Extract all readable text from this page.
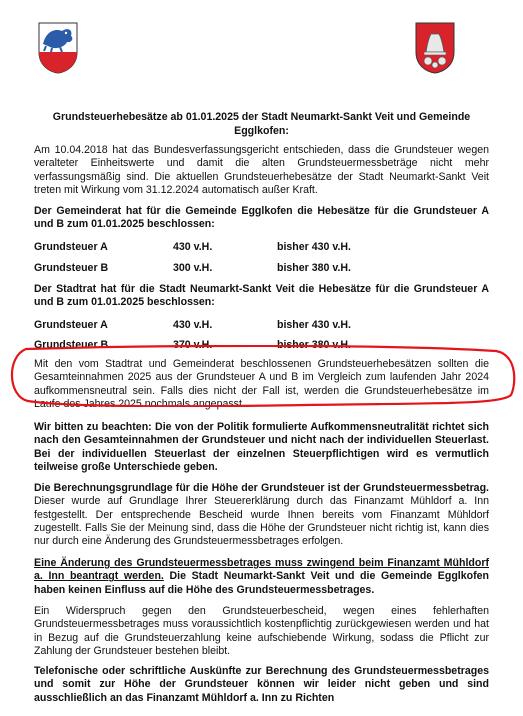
Grundsteuerhebesätze ab 01.01.2025 der Stadt Neumarkt-Sankt Veit und Gemeinde Egglkofen:
Am 10.04.2018 hat das Bundesverfassungsgericht entschieden, dass die Grundsteuer wegen veralteter Einheitswerte und damit die alten Grundsteuermessbeträge nicht mehr verfassungsmäßig sind. Die aktuellen Grundsteuerhebesätze der Stadt Neumarkt-Sankt Veit treten mit Wirkung vom 31.12.2024 automatisch außer Kraft.
Der Gemeinderat hat für die Gemeinde Egglkofen die Hebesätze für die Grundsteuer A und B zum 01.01.2025 beschlossen:
Grundsteuer A	430 v.H.	bisher 430 v.H.
Grundsteuer B	300 v.H.	bisher 380 v.H.
Der Stadtrat hat für die Stadt Neumarkt-Sankt Veit die Hebesätze für die Grundsteuer A und B zum 01.01.2025 beschlossen:
Grundsteuer A	430 v.H.	bisher 430 v.H.
Grundsteuer B	370 v.H.	bisher 380 v.H.
Mit den vom Stadtrat und Gemeinderat beschlossenen Grundsteuerhebesätzen sollten die Gesamteinnahmen 2025 aus der Grundsteuer A und B im Vergleich zum laufenden Jahr 2024 aufkommensneutral sein. Falls dies nicht der Fall ist, werden die Grundsteuerhebesätze im Laufe des Jahres 2025 nochmals angepasst.
Wir bitten zu beachten: Die von der Politik formulierte Aufkommensneutralität richtet sich nach den Gesamteinnahmen der Grundsteuer und nicht nach der individuellen Steuerlast. Bei der individuellen Steuerlast der einzelnen Steuerpflichtigen wird es vermutlich teilweise große Unterschiede geben.
Die Berechnungsgrundlage für die Höhe der Grundsteuer ist der Grundsteuermessbetrag. Dieser wurde auf Grundlage Ihrer Steuererklärung durch das Finanzamt Mühldorf a. Inn festgestellt. Der entsprechende Bescheid wurde Ihnen bereits vom Finanzamt Mühldorf zugestellt. Falls Sie der Meinung sind, dass die Höhe der Grundsteuer nicht richtig ist, kann dies nur durch eine Änderung des Grundsteuermessbetrages erfolgen.
Eine Änderung des Grundsteuermessbetrages muss zwingend beim Finanzamt Mühldorf a. Inn beantragt werden. Die Stadt Neumarkt-Sankt Veit und die Gemeinde Egglkofen haben keinen Einfluss auf die Höhe des Grundsteuermessbetrages.
Ein Widerspruch gegen den Grundsteuerbescheid, wegen eines fehlerhaften Grundsteuermessbetrages muss voraussichtlich kostenpflichtig zurückgewiesen werden und hat in Bezug auf die Grundsteuerzahlung keine aufschiebende Wirkung, sodass die Pflicht zur Zahlung der Grundsteuer bestehen bleibt.
Telefonische oder schriftliche Auskünfte zur Berechnung des Grundsteuermessbetrages und somit zur Höhe der Grundsteuer können wir leider nicht geben und sind ausschließlich an das Finanzamt Mühldorf a. Inn zu Richten
